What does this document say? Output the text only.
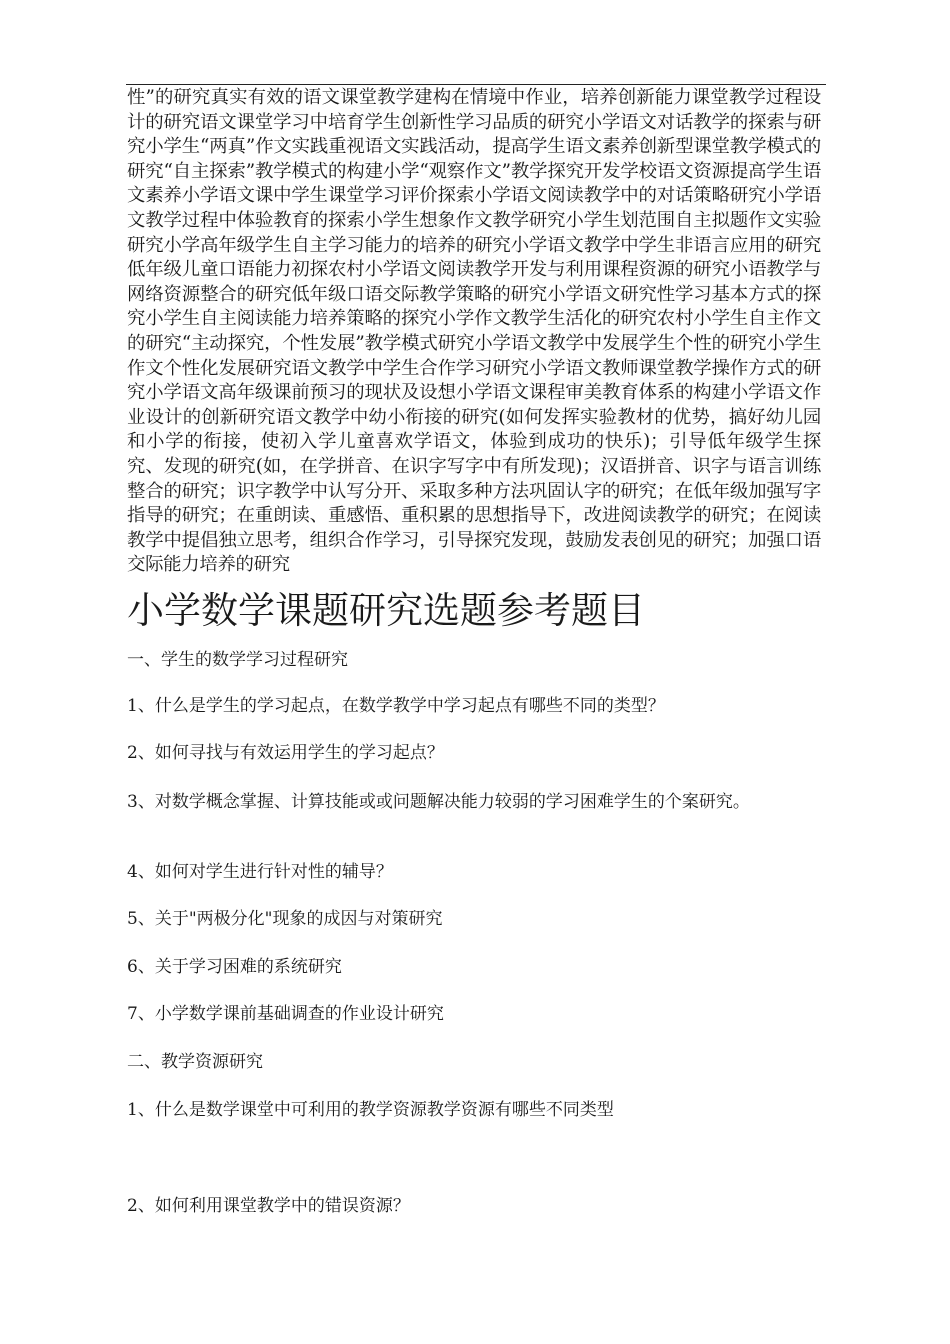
性”的研究真实有效的语文课堂教学建构在情境中作业，培养创新能力课堂教学过程设计的研究语文课堂学习中培育学生创新性学习品质的研究小学语文对话教学的探索与研究小学生“两真”作文实践重视语文实践活动，提高学生语文素养创新型课堂教学模式的研究“自主探索”教学模式的构建小学“观察作文”教学探究开发学校语文资源提高学生语文素养小学语文课中学生课堂学习评价探索小学语文阅读教学中的对话策略研究小学语文教学过程中体验教育的探索小学生想象作文教学研究小学生划范围自主拟题作文实验研究小学高年级学生自主学习能力的培养的研究小学语文教学中学生非语言应用的研究低年级儿童口语能力初探农村小学语文阅读教学开发与利用课程资源的研究小语教学与网络资源整合的研究低年级口语交际教学策略的研究小学语文研究性学习基本方式的探究小学生自主阅读能力培养策略的探究小学作文教学生活化的研究农村小学生自主作文的研究“主动探究，个性发展”教学模式研究小学语文教学中发展学生个性的研究小学生作文个性化发展研究语文教学中学生合作学习研究小学语文教师课堂教学操作方式的研究小学语文高年级课前预习的现状及设想小学语文课程审美教育体系的构建小学语文作业设计的创新研究语文教学中幼小衔接的研究(如何发挥实验教材的优势，搞好幼儿园和小学的衔接，使初入学儿童喜欢学语文，体验到成功的快乐)；引导低年级学生探究、发现的研究(如，在学拼音、在识字写字中有所发现)；汉语拼音、识字与语言训练整合的研究；识字教学中认写分开、采取多种方法巩固认字的研究；在低年级加强写字指导的研究；在重朗读、重感悟、重积累的思想指导下，改进阅读教学的研究；在阅读教学中提倡独立思考，组织合作学习，引导探究发现，鼓励发表创见的研究；加强口语交际能力培养的研究

小学数学课题研究选题参考题目

一、学生的数学学习过程研究

1、什么是学生的学习起点，在数学教学中学习起点有哪些不同的类型？

2、如何寻找与有效运用学生的学习起点？

3、对数学概念掌握、计算技能或或问题解决能力较弱的学习困难学生的个案研究。

4、如何对学生进行针对性的辅导？

5、关于"两极分化"现象的成因与对策研究

6、关于学习困难的系统研究

7、小学数学课前基础调查的作业设计研究

二、教学资源研究

1、什么是数学课堂中可利用的教学资源教学资源有哪些不同类型

2、如何利用课堂教学中的错误资源？
